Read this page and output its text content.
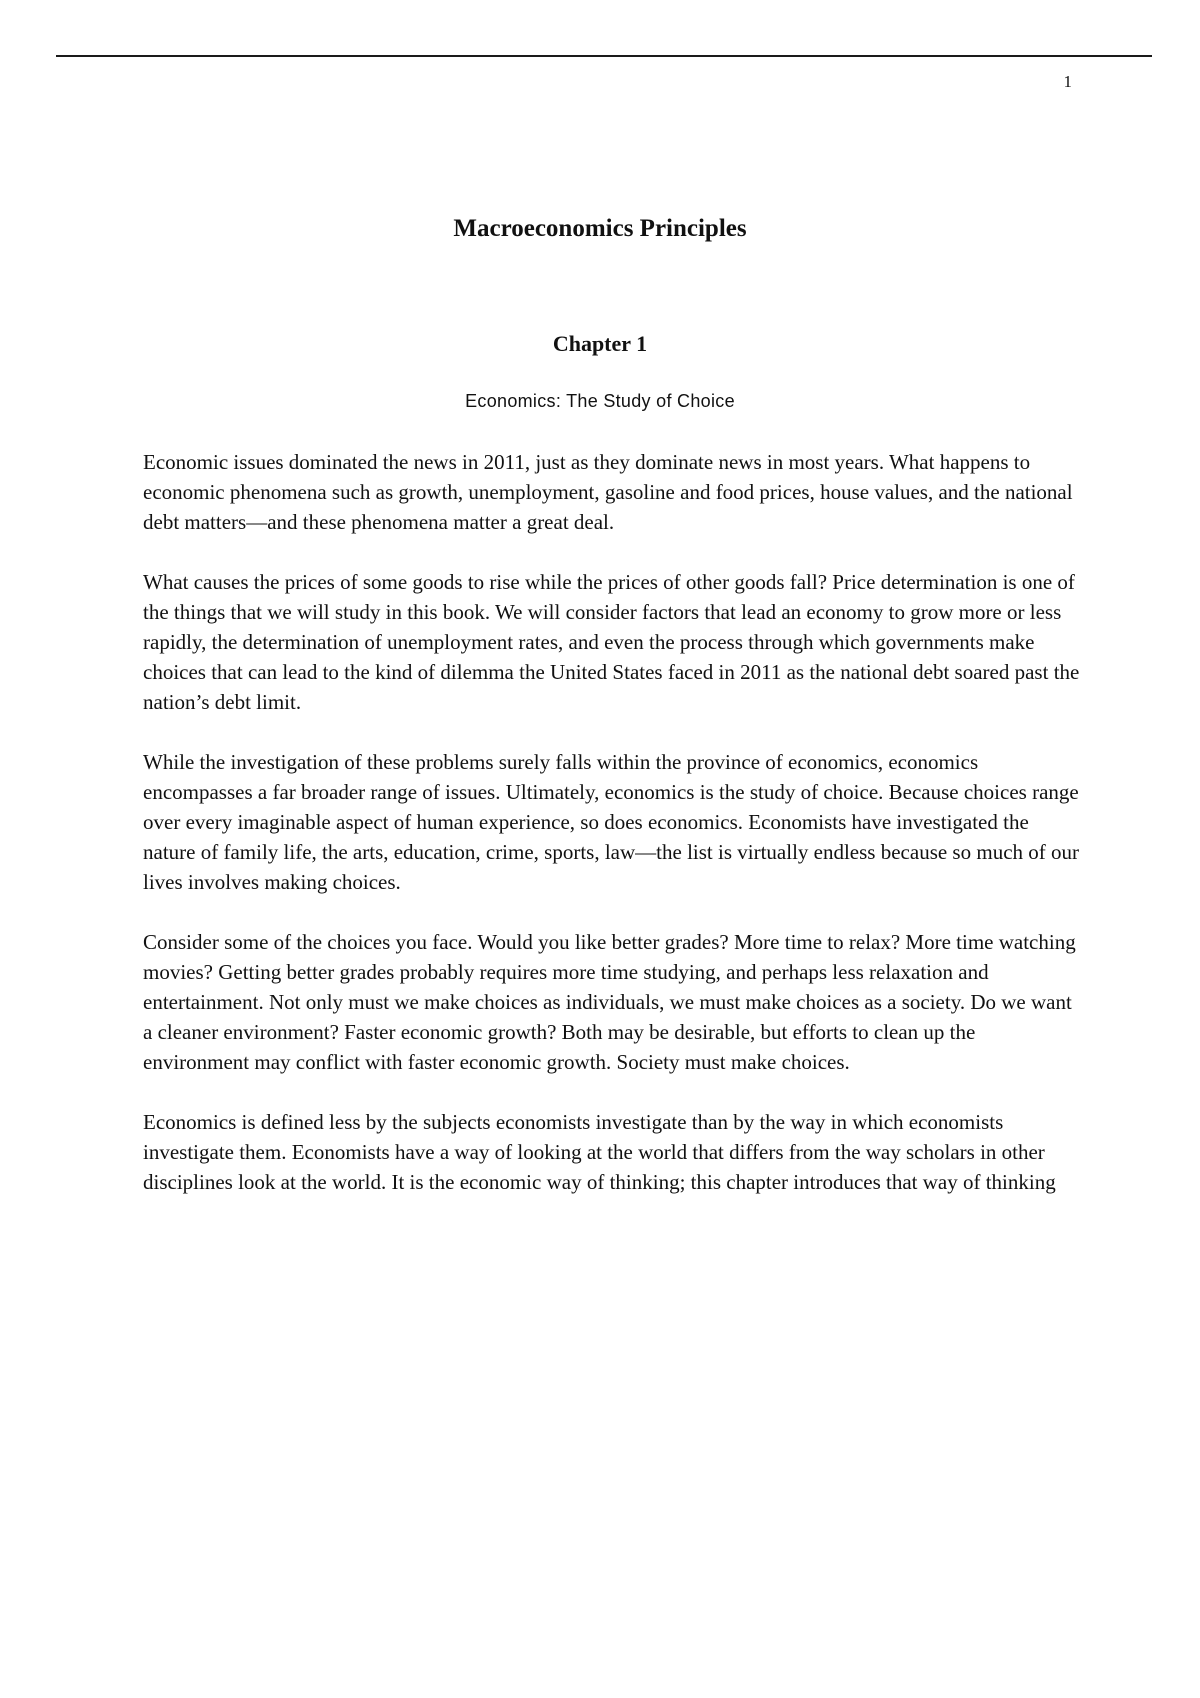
1
Macroeconomics Principles
Chapter 1
Economics: The Study of Choice

Economic issues dominated the news in 2011, just as they dominate news in most years. What happens to economic phenomena such as growth, unemployment, gasoline and food prices, house values, and the national debt matters—and these phenomena matter a great deal.

What causes the prices of some goods to rise while the prices of other goods fall? Price determination is one of the things that we will study in this book. We will consider factors that lead an economy to grow more or less rapidly, the determination of unemployment rates, and even the process through which governments make choices that can lead to the kind of dilemma the United States faced in 2011 as the national debt soared past the nation’s debt limit.

While the investigation of these problems surely falls within the province of economics, economics encompasses a far broader range of issues. Ultimately, economics is the study of choice. Because choices range over every imaginable aspect of human experience, so does economics. Economists have investigated the nature of family life, the arts, education, crime, sports, law—the list is virtually endless because so much of our lives involves making choices.

Consider some of the choices you face. Would you like better grades? More time to relax? More time watching movies? Getting better grades probably requires more time studying, and perhaps less relaxation and entertainment. Not only must we make choices as individuals, we must make choices as a society. Do we want a cleaner environment? Faster economic growth? Both may be desirable, but efforts to clean up the environment may conflict with faster economic growth. Society must make choices.

Economics is defined less by the subjects economists investigate than by the way in which economists investigate them. Economists have a way of looking at the world that differs from the way scholars in other disciplines look at the world. It is the economic way of thinking; this chapter introduces that way of thinking
